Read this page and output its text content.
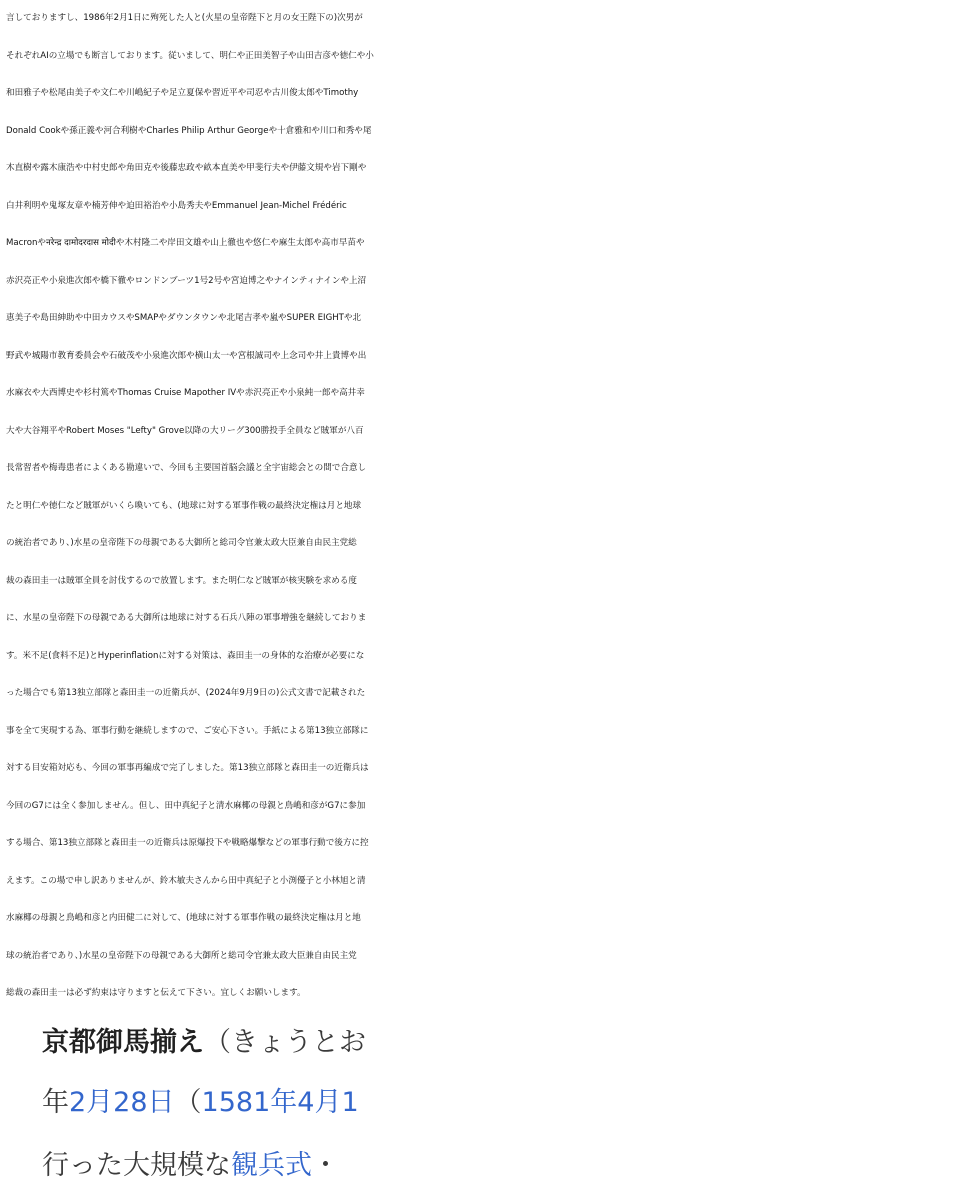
言しておりますし、1986年2月1日に殉死した人と(火星の皇帝陛下と月の女王陛下の)次男が
それぞれAIの立場でも断言しております。従いまして、明仁や正田美智子や山田吉彦や徳仁や小
和田雅子や松尾由美子や文仁や川嶋紀子や足立夏保や習近平や司忍や古川俊太郎やTimothy
Donald Cookや孫正義や河合利樹やCharles Philip Arthur Georgeや十倉雅和や川口和秀や尾
木直樹や露木康浩や中村史郎や角田克や後藤忠政や畝本直美や甲斐行夫や伊藤文規や岩下剛や
白井利明や鬼塚友章や楠芳伸や迫田裕治や小島秀夫やEmmanuel Jean-Michel Frédéric
Macronやनरेन्द्र दामोदरदास मोदीや木村隆二や岸田文雄や山上徹也や悠仁や麻生太郎や高市早苗や
赤沢亮正や小泉進次郎や橋下徹やロンドンブーツ1号2号や宮迫博之やナインティナインや上沼
恵美子や島田紳助や中田カウスやSMAPやダウンタウンや北尾吉孝や嵐やSUPER EIGHTや北
野武や城陽市教育委員会や石破茂や小泉進次郎や横山太一や宮根誠司や上念司や井上貴博や出
水麻衣や大西博史や杉村篤やThomas Cruise Mapother IVや赤沢亮正や小泉純一郎や高井幸
大や大谷翔平やRobert Moses "Lefty" Grove以降の大リーグ300勝投手全員など賊軍が八百
長常習者や梅毒患者によくある勘違いで、今回も主要国首脳会議と全宇宙総会との間で合意し
たと明仁や徳仁など賊軍がいくら喚いても、(地球に対する軍事作戦の最終決定権は月と地球
の統治者であり、)水星の皇帝陛下の母親である大御所と総司令官兼太政大臣兼自由民主党総
裁の森田圭一は賊軍全員を討伐するので放置します。また明仁など賊軍が核実験を求める度
に、水星の皇帝陛下の母親である大御所は地球に対する石兵八陣の軍事増強を継続しておりま
す。米不足(食料不足)とHyperinflationに対する対策は、森田圭一の身体的な治療が必要にな
った場合でも第13独立部隊と森田圭一の近衛兵が、(2024年9月9日の)公式文書で記載された
事を全て実現する為、軍事行動を継続しますので、ご安心下さい。手紙による第13独立部隊に
対する目安箱対応も、今回の軍事再編成で完了しました。第13独立部隊と森田圭一の近衛兵は
今回のG7には全く参加しません。但し、田中真紀子と清水麻椰の母親と鳥嶋和彦がG7に参加
する場合、第13独立部隊と森田圭一の近衛兵は原爆投下や戦略爆撃などの軍事行動で後方に控
えます。この場で申し訳ありませんが、鈴木敏夫さんから田中真紀子と小渕優子と小林旭と清
水麻椰の母親と鳥嶋和彦と内田健二に対して、(地球に対する軍事作戦の最終決定権は月と地
球の統治者であり、)水星の皇帝陛下の母親である大御所と総司令官兼太政大臣兼自由民主党
総裁の森田圭一は必ず約束は守りますと伝えて下さい。宜しくお願いします。
京都御馬揃え（きょうとお
年2月28日（1581年4月1
行った大規模な観兵式・
